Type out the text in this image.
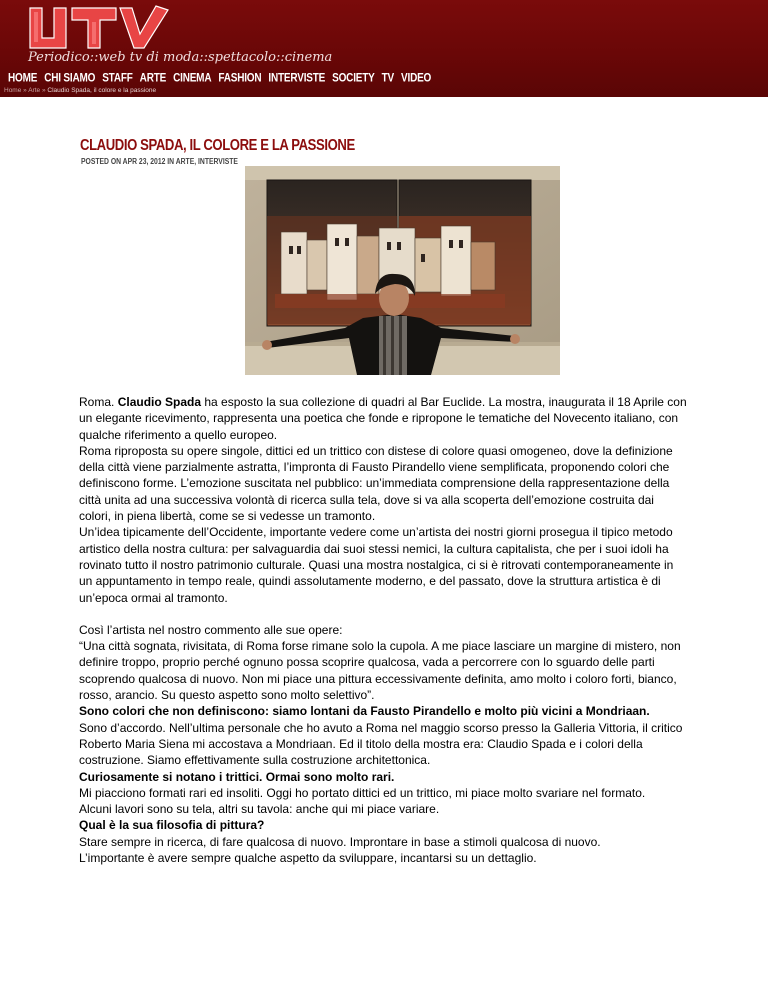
Periodico::web tv di moda::spettacolo::cinema
HOME CHI SIAMO STAFF ARTE CINEMA FASHION INTERVISTE SOCIETY TV VIDEO
Home » Arte » Claudio Spada, il colore e la passione
CLAUDIO SPADA, IL COLORE E LA PASSIONE
POSTED ON APR 23, 2012 IN ARTE, INTERVISTE

Roma. Claudio Spada ha esposto la sua collezione di quadri al Bar Euclide. La mostra, inaugurata il 18 Aprile con un elegante ricevimento, rappresenta una poetica che fonde e ripropone le tematiche del Novecento italiano, con qualche riferimento a quello europeo.

Roma riproposta su opere singole, dittici ed un trittico con distese di colore quasi omogeneo, dove la definizione della città viene parzialmente astratta, l’impronta di Fausto Pirandello viene semplificata, proponendo colori che definiscono forme. L’emozione suscitata nel pubblico: un’immediata comprensione della rappresentazione della città unita ad una successiva volontà di ricerca sulla tela, dove si va alla scoperta dell’emozione costruita dai colori, in piena libertà, come se si vedesse un tramonto.

Un’idea tipicamente dell’Occidente, importante vedere come un’artista dei nostri giorni prosegua il tipico metodo artistico della nostra cultura: per salvaguardia dai suoi stessi nemici, la cultura capitalista, che per i suoi idoli ha rovinato tutto il nostro patrimonio culturale. Quasi una mostra nostalgica, ci si è ritrovati contemporaneamente in un appuntamento in tempo reale, quindi assolutamente moderno, e del passato, dove la struttura artistica è di un’epoca ormai al tramonto.

Così l’artista nel nostro commento alle sue opere:

“Una città sognata, rivisitata, di Roma forse rimane solo la cupola. A me piace lasciare un margine di mistero, non definire troppo, proprio perché ognuno possa scoprire qualcosa, vada a percorrere con lo sguardo delle parti scoprendo qualcosa di nuovo. Non mi piace una pittura eccessivamente definita, amo molto i coloro forti, bianco, rosso, arancio. Su questo aspetto sono molto selettivo”.

Sono colori che non definiscono: siamo lontani da Fausto Pirandello e molto più vicini a Mondriaan.

Sono d’accordo. Nell’ultima personale che ho avuto a Roma nel maggio scorso presso la Galleria Vittoria, il critico Roberto Maria Siena mi accostava a Mondriaan. Ed il titolo della mostra era: Claudio Spada e i colori della costruzione. Siamo effettivamente sulla costruzione architettonica.

Curiosamente si notano i trittici. Ormai sono molto rari.

Mi piacciono formati rari ed insoliti. Oggi ho portato dittici ed un trittico, mi piace molto svariare nel formato.

Alcuni lavori sono su tela, altri su tavola: anche qui mi piace variare.

Qual è la sua filosofia di pittura?

Stare sempre in ricerca, di fare qualcosa di nuovo. Improntare in base a stimoli qualcosa di nuovo.

L’importante è avere sempre qualche aspetto da sviluppare, incantarsi su un dettaglio.
